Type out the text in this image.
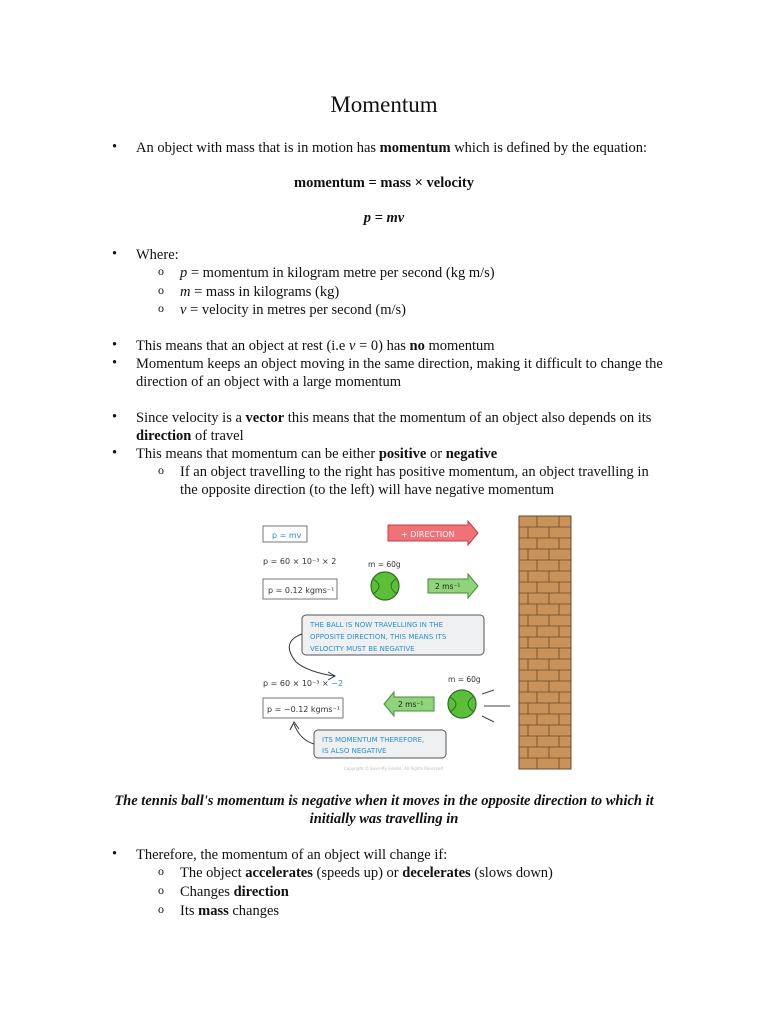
Momentum
• An object with mass that is in motion has momentum which is defined by the equation:
momentum = mass × velocity
p = mv
• Where:
o p = momentum in kilogram metre per second (kg m/s)
o m = mass in kilograms (kg)
o v = velocity in metres per second (m/s)
• This means that an object at rest (i.e v = 0) has no momentum
• Momentum keeps an object moving in the same direction, making it difficult to change the direction of an object with a large momentum
• Since velocity is a vector this means that the momentum of an object also depends on its direction of travel
• This means that momentum can be either positive or negative
o If an object travelling to the right has positive momentum, an object travelling in the opposite direction (to the left) will have negative momentum
p = mv	+ DIRECTION
p = 60 × 10⁻³ × 2
p = 0.12 kgms⁻¹
m = 60g
2 ms⁻¹
THE BALL IS NOW TRAVELLING IN THE
OPPOSITE DIRECTION, THIS MEANS ITS
VELOCITY MUST BE NEGATIVE
p = 60 × 10⁻³ × −2
p = −0.12 kgms⁻¹
2 ms⁻¹
m = 60g
ITS MOMENTUM THEREFORE,
IS ALSO NEGATIVE
Copyright © Save My Exams. All Rights Reserved
The tennis ball's momentum is negative when it moves in the opposite direction to which it initially was travelling in
• Therefore, the momentum of an object will change if:
o The object accelerates (speeds up) or decelerates (slows down)
o Changes direction
o Its mass changes
